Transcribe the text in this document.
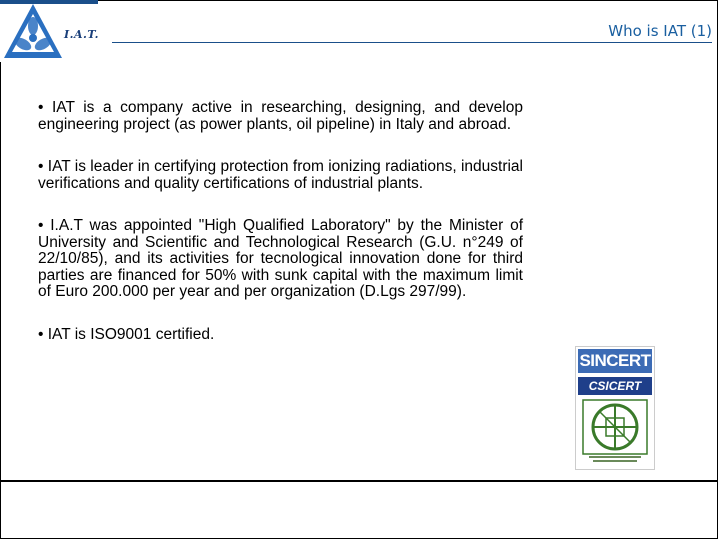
I.A.T.	Who is IAT (1)

• IAT is a company active in researching, designing, and develop engineering project (as power plants, oil pipeline) in Italy and abroad.

• IAT is leader in certifying protection from ionizing radiations, industrial verifications and quality certifications of industrial plants.

• I.A.T was appointed "High Qualified Laboratory" by the Minister of University and Scientific and Technological Research (G.U. n°249 of 22/10/85), and its activities for tecnological innovation done for third parties are financed for 50% with sunk capital with the maximum limit of Euro 200.000 per year and per organization (D.Lgs 297/99).

• IAT is ISO9001 certified.

SINCERT
CSICERT
